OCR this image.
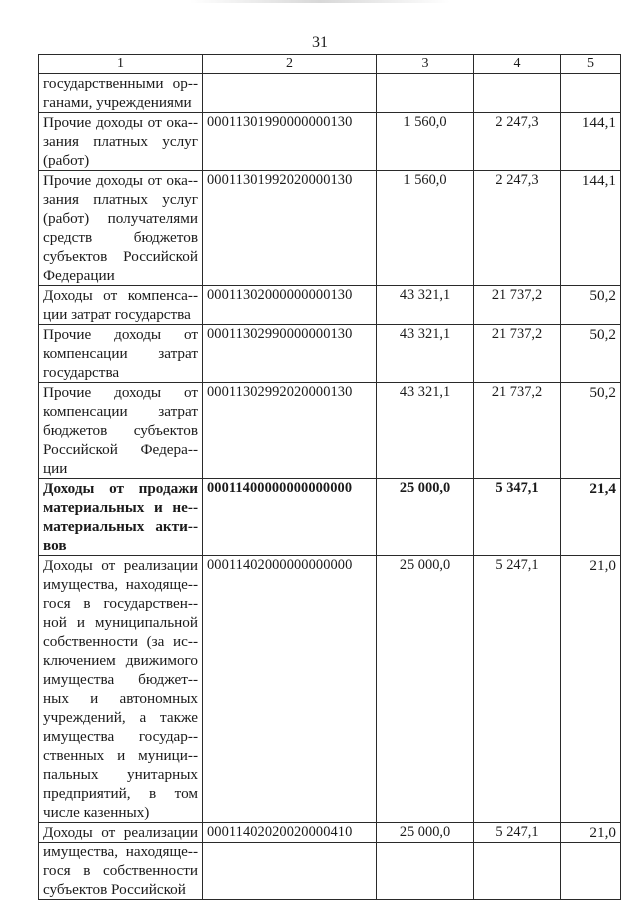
31
1	2	3	4	5
государственными ор-ганами, учреждениями				
Прочие доходы от ока-зания платных услуг (работ)	00011301990000000130	1 560,0	2 247,3	144,1
Прочие доходы от ока-зания платных услуг (работ) получателями средств бюджетов субъектов Российской Федерации	00011301992020000130	1 560,0	2 247,3	144,1
Доходы от компенса-ции затрат государства	00011302000000000130	43 321,1	21 737,2	50,2
Прочие доходы от компенсации затрат государства	00011302990000000130	43 321,1	21 737,2	50,2
Прочие доходы от компенсации затрат бюджетов субъектов Российской Федера-ции	00011302992020000130	43 321,1	21 737,2	50,2
Доходы от продажи материальных и не-материальных акти-вов	00011400000000000000	25 000,0	5 347,1	21,4
Доходы от реализации имущества, находяще-гося в государствен-ной и муниципальной собственности (за ис-ключением движимого имущества бюджет-ных и автономных учреждений, а также имущества государ-ственных и муници-пальных унитарных предприятий, в том числе казенных)	00011402000000000000	25 000,0	5 247,1	21,0
Доходы от реализации имущества, находяще-гося в собственности субъектов Российской	00011402020020000410	25 000,0	5 247,1	21,0
